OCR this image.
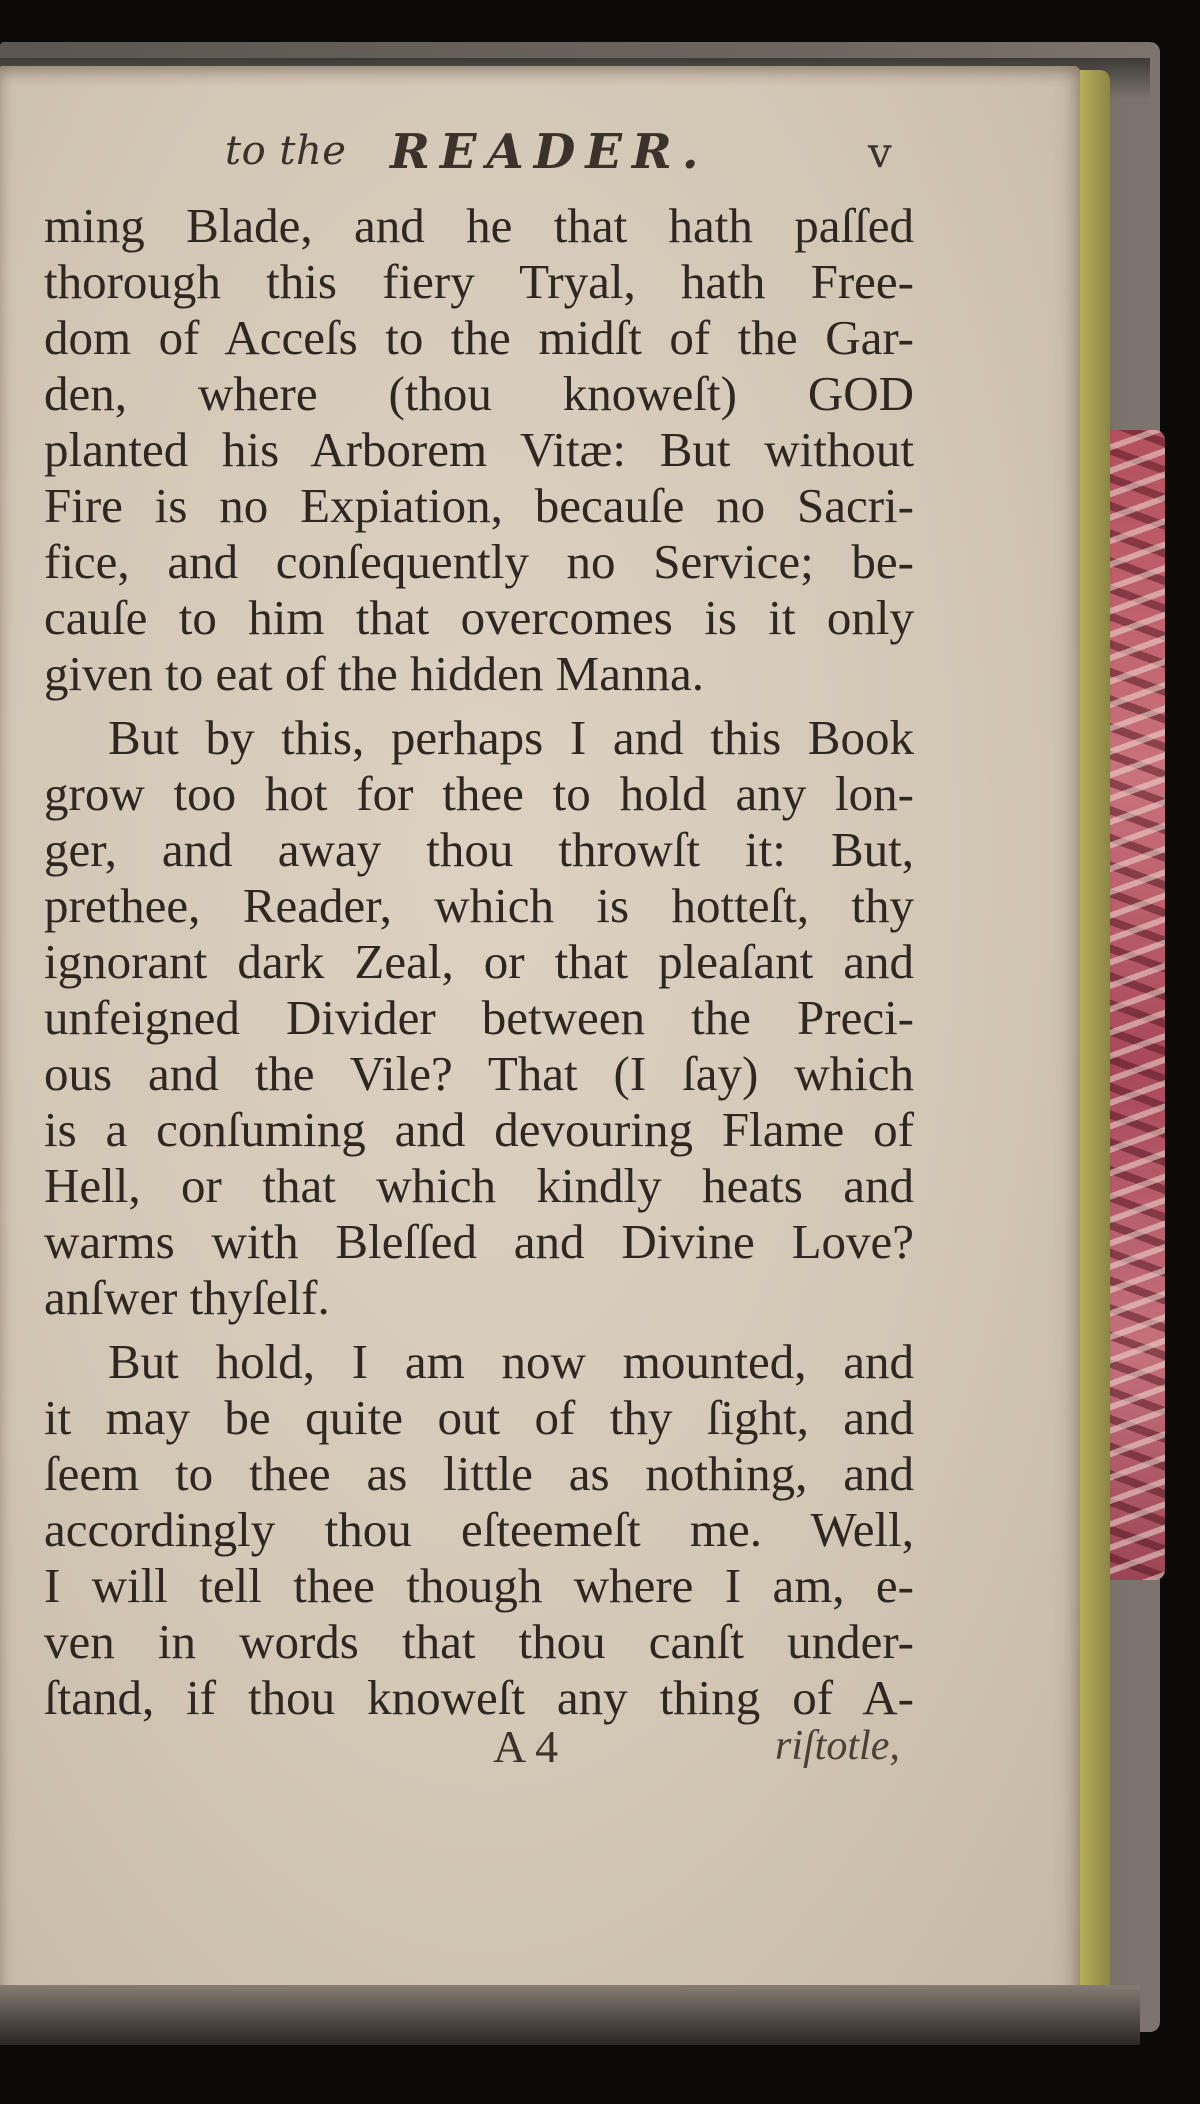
to the READER.	v
ming Blade, and he that hath paſſed
thorough this fiery Tryal, hath Free-
dom of Acceſs to the midſt of the Gar-
den, where (thou knoweſt) GOD
planted his Arborem Vitæ: But without
Fire is no Expiation, becauſe no Sacri-
fice, and conſequently no Service; be-
cauſe to him that overcomes is it only
given to eat of the hidden Manna.
But by this, perhaps I and this Book
grow too hot for thee to hold any lon-
ger, and away thou throwſt it: But,
prethee, Reader, which is hotteſt, thy
ignorant dark Zeal, or that pleaſant and
unfeigned Divider between the Preci-
ous and the Vile? That (I ſay) which
is a conſuming and devouring Flame of
Hell, or that which kindly heats and
warms with Bleſſed and Divine Love?
anſwer thyſelf.
But hold, I am now mounted, and
it may be quite out of thy ſight, and
ſeem to thee as little as nothing, and
accordingly thou eſteemeſt me. Well,
I will tell thee though where I am, e-
ven in words that thou canſt under-
ſtand, if thou knoweſt any thing of A-
A 4	riſtotle,
